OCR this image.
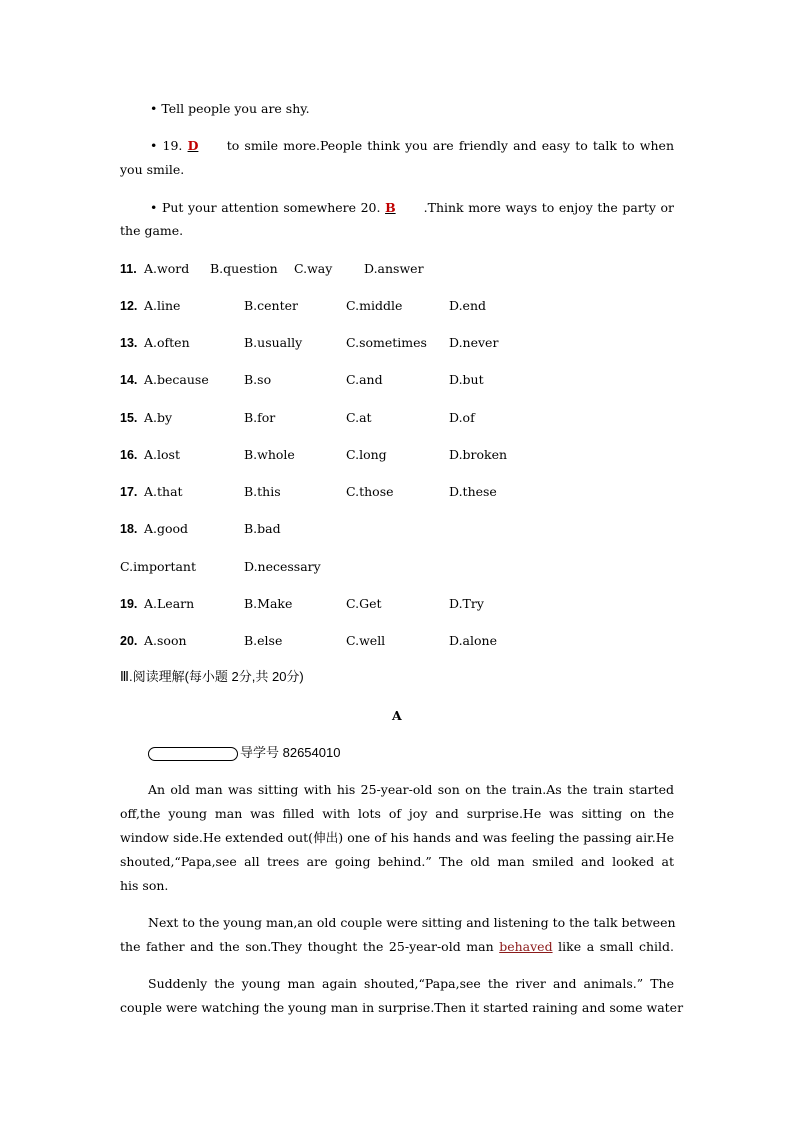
• Tell people you are shy.
• 19. D to smile more.People think you are friendly and easy to talk to when
you smile.
• Put your attention somewhere 20. B .Think more ways to enjoy the party or
the game.
11. A.word B.question C.way	D.answer
12. A.line	B.center	C.middle	D.end
13. A.often	B.usually	C.sometimes D.never
14. A.because	B.so	C.and	D.but
15. A.by	B.for	C.at	D.of
16. A.lost	B.whole	C.long	D.broken
17. A.that	B.this	C.those	D.these
18. A.good	B.bad
C.important	D.necessary
19. A.Learn	B.Make	C.Get	D.Try
20. A.soon	B.else	C.well	D.alone
Ⅲ.阅读理解(每小题 2分,共 20分)
A
导学号 82654010
An old man was sitting with his 25-year-old son on the train.As the train started
off,the young man was filled with lots of joy and surprise.He was sitting on the
window side.He extended out(伸出) one of his hands and was feeling the passing air.He
shouted,“Papa,see all trees are going behind.” The old man smiled and looked at
his son.
Next to the young man,an old couple were sitting and listening to the talk between
the father and the son.They thought the 25-year-old man behaved like a small child.
Suddenly the young man again shouted,“Papa,see the river and animals.” The
couple were watching the young man in surprise.Then it started raining and some water
